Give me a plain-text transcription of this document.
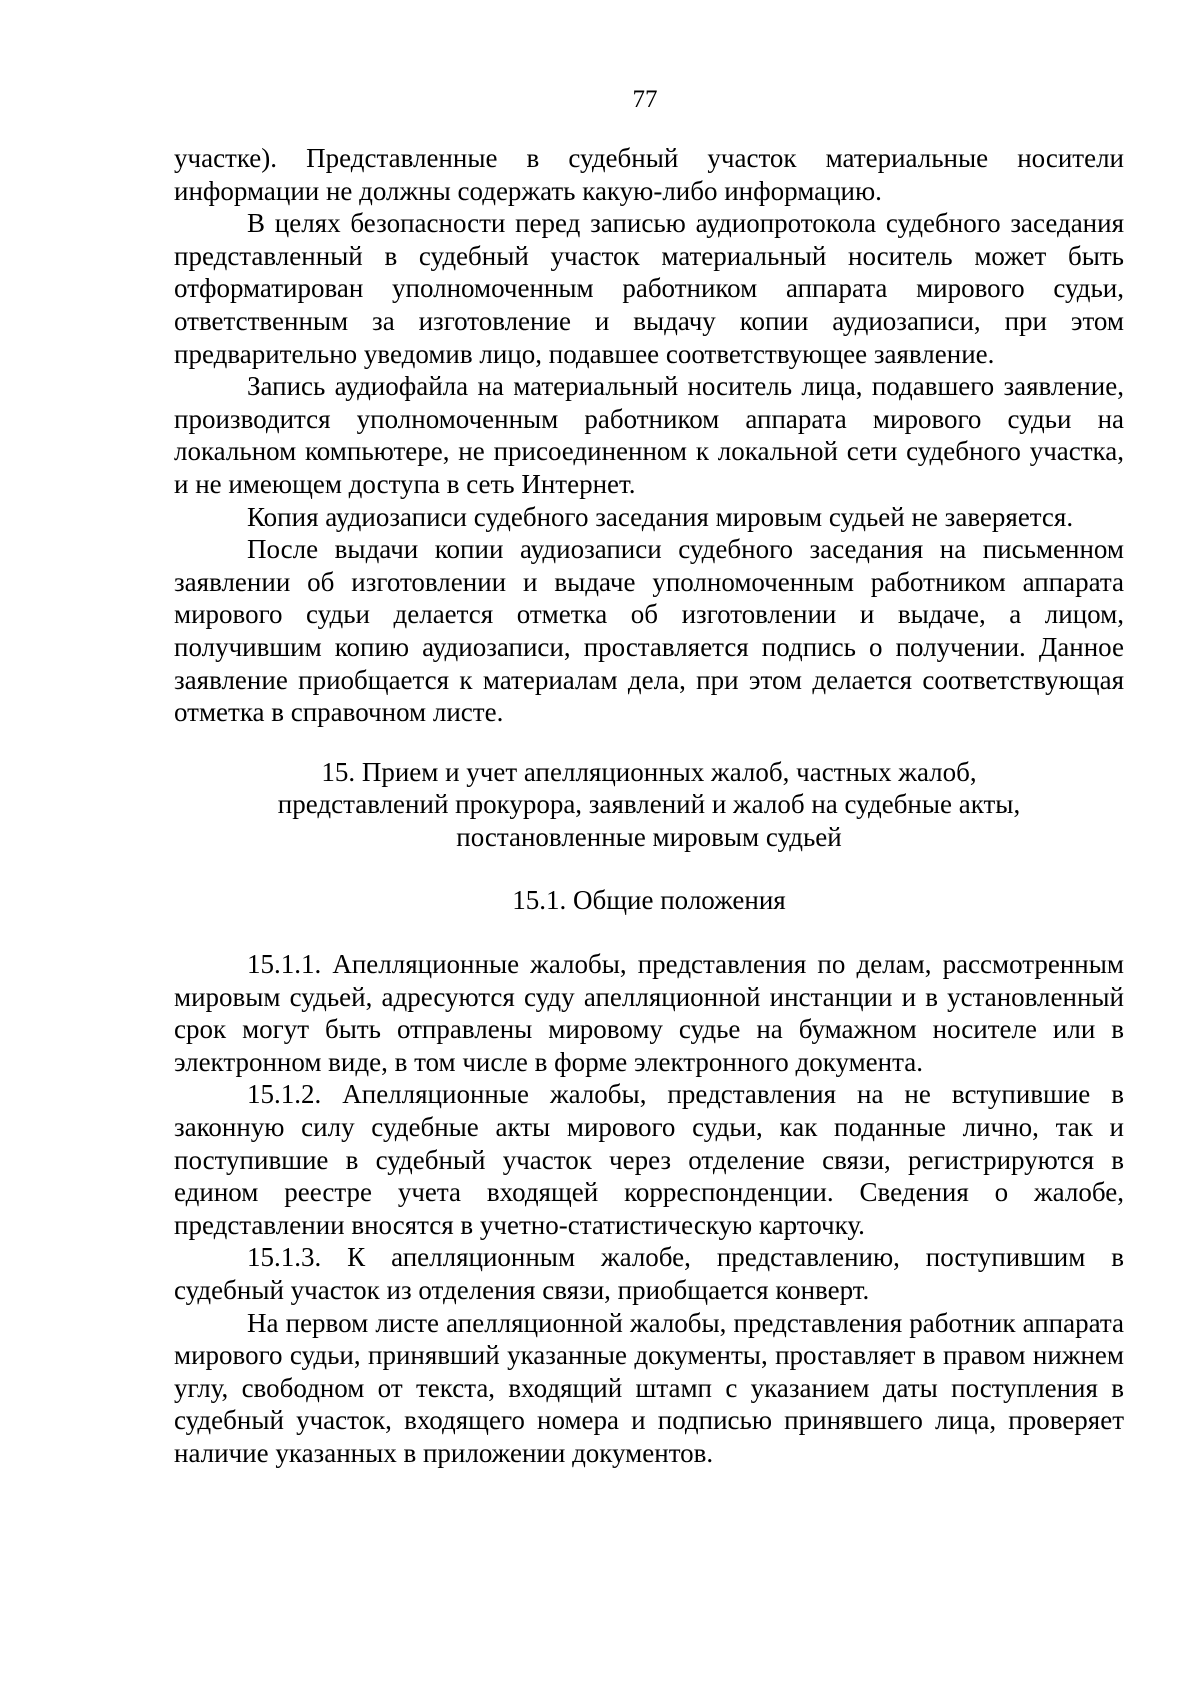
77

участке). Представленные в судебный участок материальные носители информации не должны содержать какую-либо информацию.

В целях безопасности перед записью аудиопротокола судебного заседания представленный в судебный участок материальный носитель может быть отформатирован уполномоченным работником аппарата мирового судьи, ответственным за изготовление и выдачу копии аудиозаписи, при этом предварительно уведомив лицо, подавшее соответствующее заявление.

Запись аудиофайла на материальный носитель лица, подавшего заявление, производится уполномоченным работником аппарата мирового судьи на локальном компьютере, не присоединенном к локальной сети судебного участка, и не имеющем доступа в сеть Интернет.

Копия аудиозаписи судебного заседания мировым судьей не заверяется.

После выдачи копии аудиозаписи судебного заседания на письменном заявлении об изготовлении и выдаче уполномоченным работником аппарата мирового судьи делается отметка об изготовлении и выдаче, а лицом, получившим копию аудиозаписи, проставляется подпись о получении. Данное заявление приобщается к материалам дела, при этом делается соответствующая отметка в справочном листе.

15. Прием и учет апелляционных жалоб, частных жалоб,
представлений прокурора, заявлений и жалоб на судебные акты,
постановленные мировым судьей
15.1. Общие положения

15.1.1. Апелляционные жалобы, представления по делам, рассмотренным мировым судьей, адресуются суду апелляционной инстанции и в установленный срок могут быть отправлены мировому судье на бумажном носителе или в электронном виде, в том числе в форме электронного документа.

15.1.2. Апелляционные жалобы, представления на не вступившие в законную силу судебные акты мирового судьи, как поданные лично, так и поступившие в судебный участок через отделение связи, регистрируются в едином реестре учета входящей корреспонденции. Сведения о жалобе, представлении вносятся в учетно-статистическую карточку.

15.1.3. К апелляционным жалобе, представлению, поступившим в судебный участок из отделения связи, приобщается конверт.

На первом листе апелляционной жалобы, представления работник аппарата мирового судьи, принявший указанные документы, проставляет в правом нижнем углу, свободном от текста, входящий штамп с указанием даты поступления в судебный участок, входящего номера и подписью принявшего лица, проверяет наличие указанных в приложении документов.
